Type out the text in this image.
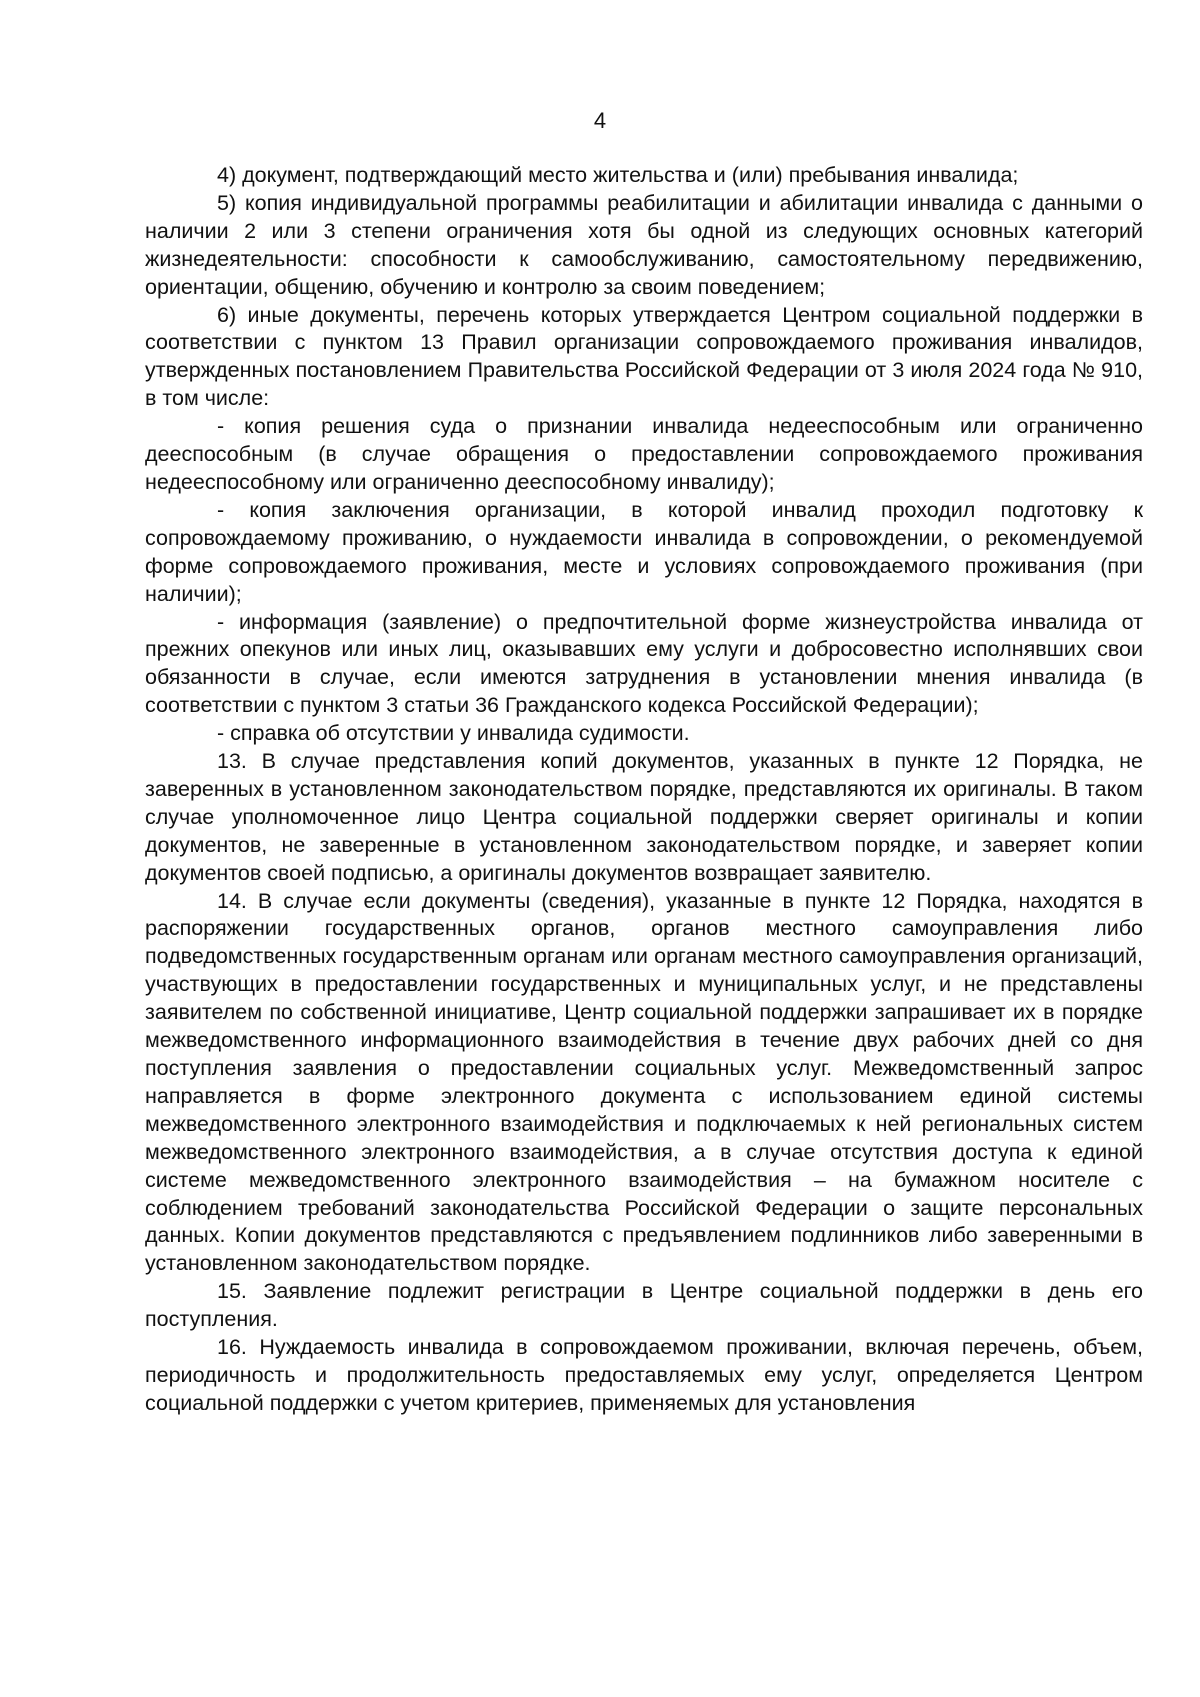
4

4) документ, подтверждающий место жительства и (или) пребывания инвалида;

5) копия индивидуальной программы реабилитации и абилитации инвалида с данными о наличии 2 или 3 степени ограничения хотя бы одной из следующих основных категорий жизнедеятельности: способности к самообслуживанию, самостоятельному передвижению, ориентации, общению, обучению и контролю за своим поведением;

6) иные документы, перечень которых утверждается Центром социальной поддержки в соответствии с пунктом 13 Правил организации сопровождаемого проживания инвалидов, утвержденных постановлением Правительства Российской Федерации от 3 июля 2024 года № 910, в том числе:

- копия решения суда о признании инвалида недееспособным или ограниченно дееспособным (в случае обращения о предоставлении сопровождаемого проживания недееспособному или ограниченно дееспособному инвалиду);

- копия заключения организации, в которой инвалид проходил подготовку к сопровождаемому проживанию, о нуждаемости инвалида в сопровождении, о рекомендуемой форме сопровождаемого проживания, месте и условиях сопровождаемого проживания (при наличии);

- информация (заявление) о предпочтительной форме жизнеустройства инвалида от прежних опекунов или иных лиц, оказывавших ему услуги и добросовестно исполнявших свои обязанности в случае, если имеются затруднения в установлении мнения инвалида (в соответствии с пунктом 3 статьи 36 Гражданского кодекса Российской Федерации);

- справка об отсутствии у инвалида судимости.

13. В случае представления копий документов, указанных в пункте 12 Порядка, не заверенных в установленном законодательством порядке, представляются их оригиналы. В таком случае уполномоченное лицо Центра социальной поддержки сверяет оригиналы и копии документов, не заверенные в установленном законодательством порядке, и заверяет копии документов своей подписью, а оригиналы документов возвращает заявителю.

14. В случае если документы (сведения), указанные в пункте 12 Порядка, находятся в распоряжении государственных органов, органов местного самоуправления либо подведомственных государственным органам или органам местного самоуправления организаций, участвующих в предоставлении государственных и муниципальных услуг, и не представлены заявителем по собственной инициативе, Центр социальной поддержки запрашивает их в порядке межведомственного информационного взаимодействия в течение двух рабочих дней со дня поступления заявления о предоставлении социальных услуг. Межведомственный запрос направляется в форме электронного документа с использованием единой системы межведомственного электронного взаимодействия и подключаемых к ней региональных систем межведомственного электронного взаимодействия, а в случае отсутствия доступа к единой системе межведомственного электронного взаимодействия – на бумажном носителе с соблюдением требований законодательства Российской Федерации о защите персональных данных. Копии документов представляются с предъявлением подлинников либо заверенными в установленном законодательством порядке.

15. Заявление подлежит регистрации в Центре социальной поддержки в день его поступления.

16. Нуждаемость инвалида в сопровождаемом проживании, включая перечень, объем, периодичность и продолжительность предоставляемых ему услуг, определяется Центром социальной поддержки с учетом критериев, применяемых для установления
